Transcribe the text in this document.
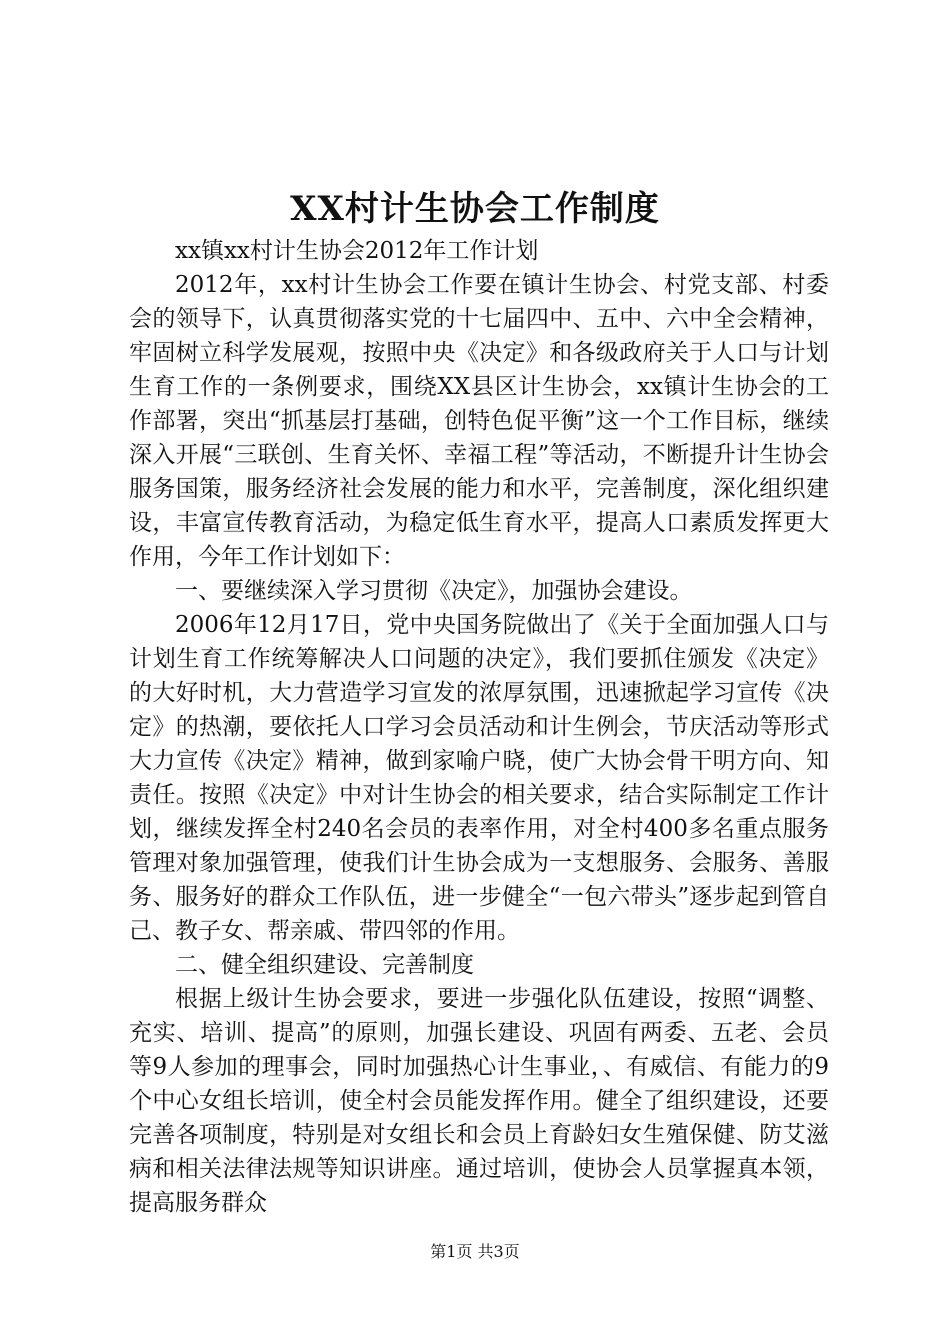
XX村计生协会工作制度

xx镇xx村计生协会2012年工作计划

2012年，xx村计生协会工作要在镇计生协会、村党支部、村委会的领导下，认真贯彻落实党的十七届四中、五中、六中全会精神，牢固树立科学发展观，按照中央《决定》和各级政府关于人口与计划生育工作的一条例要求，围绕XX县区计生协会，xx镇计生协会的工作部署，突出“抓基层打基础，创特色促平衡”这一个工作目标，继续深入开展“三联创、生育关怀、幸福工程”等活动，不断提升计生协会服务国策，服务经济社会发展的能力和水平，完善制度，深化组织建设，丰富宣传教育活动，为稳定低生育水平，提高人口素质发挥更大作用，今年工作计划如下：

一、要继续深入学习贯彻《决定》，加强协会建设。

2006年12月17日，党中央国务院做出了《关于全面加强人口与计划生育工作统筹解决人口问题的决定》，我们要抓住颁发《决定》的大好时机，大力营造学习宣发的浓厚氛围，迅速掀起学习宣传《决定》的热潮，要依托人口学习会员活动和计生例会，节庆活动等形式大力宣传《决定》精神，做到家喻户晓，使广大协会骨干明方向、知责任。按照《决定》中对计生协会的相关要求，结合实际制定工作计划，继续发挥全村240名会员的表率作用，对全村400多名重点服务管理对象加强管理，使我们计生协会成为一支想服务、会服务、善服务、服务好的群众工作队伍，进一步健全“一包六带头”逐步起到管自己、教子女、帮亲戚、带四邻的作用。

二、健全组织建设、完善制度

根据上级计生协会要求，要进一步强化队伍建设，按照“调整、充实、培训、提高”的原则，加强长建设、巩固有两委、五老、会员等9人参加的理事会，同时加强热心计生事业，、有威信、有能力的9个中心女组长培训，使全村会员能发挥作用。健全了组织建设，还要完善各项制度，特别是对女组长和会员上育龄妇女生殖保健、防艾滋病和相关法律法规等知识讲座。通过培训，使协会人员掌握真本领，提高服务群众

第1页 共3页
